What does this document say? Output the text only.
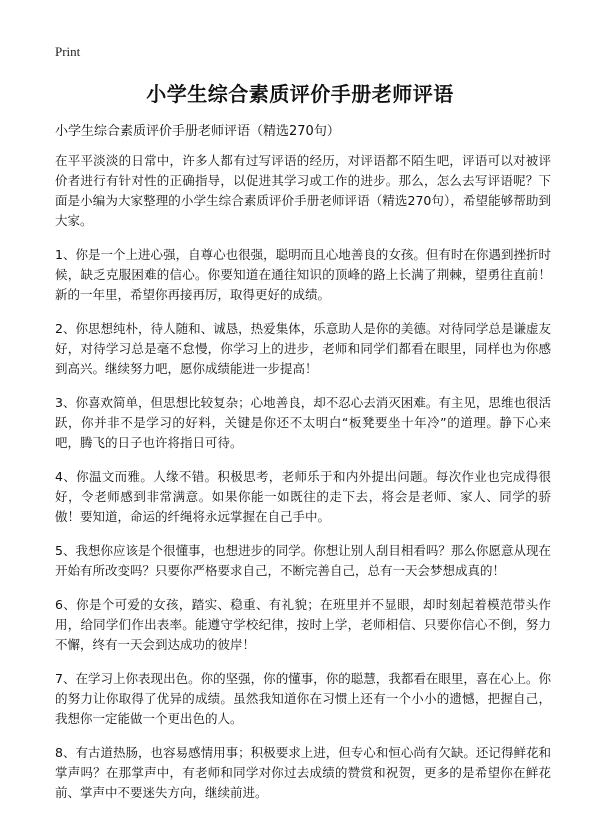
Print
小学生综合素质评价手册老师评语

小学生综合素质评价手册老师评语（精选270句）

在平平淡淡的日常中，许多人都有过写评语的经历，对评语都不陌生吧，评语可以对被评价者进行有针对性的正确指导，以促进其学习或工作的进步。那么，怎么去写评语呢？下面是小编为大家整理的小学生综合素质评价手册老师评语（精选270句），希望能够帮助到大家。

1、你是一个上进心强，自尊心也很强，聪明而且心地善良的女孩。但有时在你遇到挫折时候，缺乏克服困难的信心。你要知道在通往知识的顶峰的路上长满了荆棘，望勇往直前！新的一年里，希望你再接再厉，取得更好的成绩。

2、你思想纯朴，待人随和、诚恳，热爱集体，乐意助人是你的美德。对待同学总是谦虚友好，对待学习总是毫不怠慢，你学习上的进步，老师和同学们都看在眼里，同样也为你感到高兴。继续努力吧，愿你成绩能进一步提高！

3、你喜欢简单，但思想比较复杂；心地善良，却不忍心去消灭困难。有主见，思维也很活跃，你并非不是学习的好料，关键是你还不太明白“板凳要坐十年冷”的道理。静下心来吧，腾飞的日子也许将指日可待。

4、你温文而雅。人缘不错。积极思考，老师乐于和内外提出问题。每次作业也完成得很好，令老师感到非常满意。如果你能一如既往的走下去，将会是老师、家人、同学的骄傲！要知道，命运的纤绳将永远掌握在自己手中。

5、我想你应该是个很懂事，也想进步的同学。你想让别人刮目相看吗？那么你愿意从现在开始有所改变吗？只要你严格要求自己，不断完善自己，总有一天会梦想成真的！

6、你是个可爱的女孩，踏实、稳重、有礼貌；在班里并不显眼，却时刻起着模范带头作用，给同学们作出表率。能遵守学校纪律，按时上学，老师相信、只要你信心不倒，努力不懈，终有一天会到达成功的彼岸！

7、在学习上你表现出色。你的坚强，你的懂事，你的聪慧，我都看在眼里，喜在心上。你的努力让你取得了优异的成绩。虽然我知道你在习惯上还有一个小小的遗憾，把握自己，我想你一定能做一个更出色的人。

8、有古道热肠，也容易感情用事；积极要求上进，但专心和恒心尚有欠缺。还记得鲜花和掌声吗？在那掌声中，有老师和同学对你过去成绩的赞赏和祝贺，更多的是希望你在鲜花前、掌声中不要迷失方向，继续前进。
